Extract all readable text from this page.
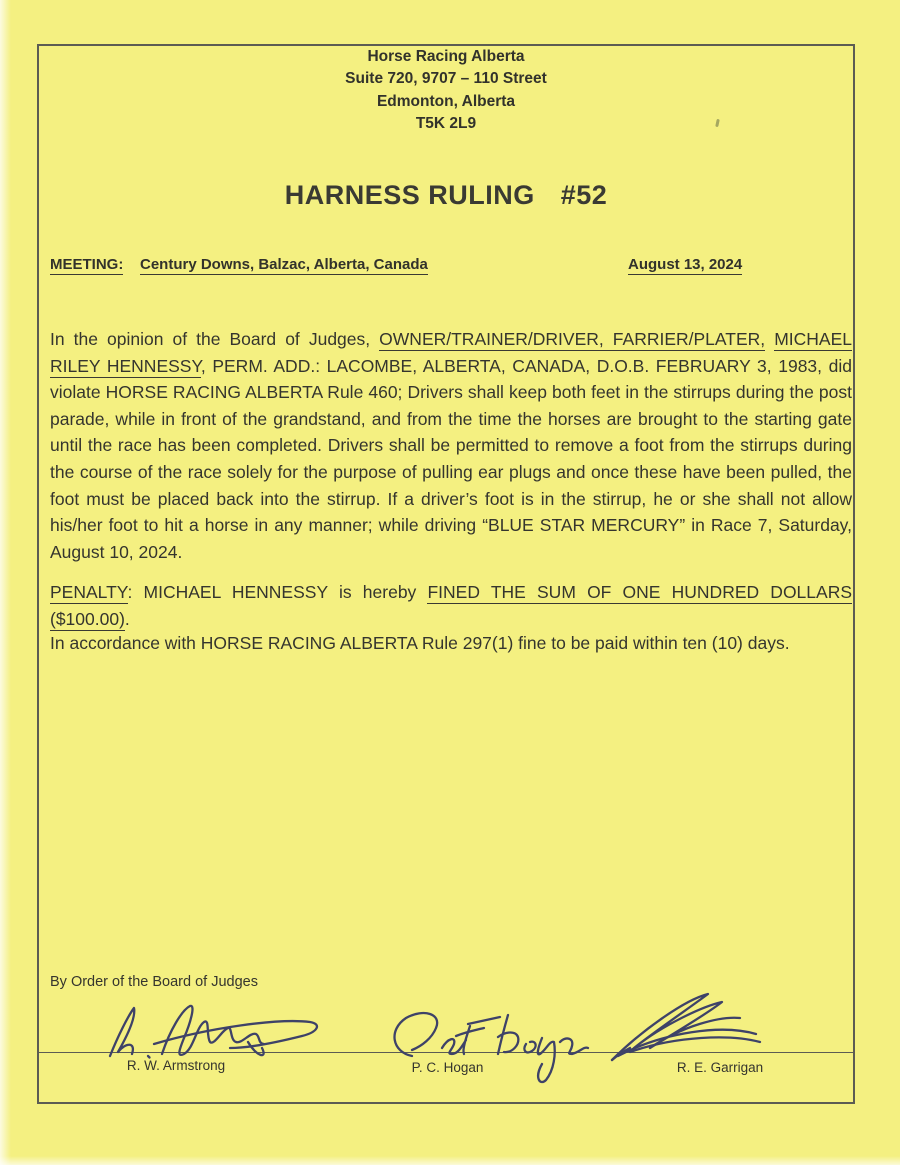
Horse Racing Alberta
Suite 720, 9707 – 110 Street
Edmonton, Alberta
T5K 2L9
HARNESS RULING #52
MEETING: Century Downs, Balzac, Alberta, Canada	August 13, 2024
In the opinion of the Board of Judges, OWNER/TRAINER/DRIVER, FARRIER/PLATER, MICHAEL RILEY HENNESSY, PERM. ADD.: LACOMBE, ALBERTA, CANADA, D.O.B. FEBRUARY 3, 1983, did violate HORSE RACING ALBERTA Rule 460; Drivers shall keep both feet in the stirrups during the post parade, while in front of the grandstand, and from the time the horses are brought to the starting gate until the race has been completed. Drivers shall be permitted to remove a foot from the stirrups during the course of the race solely for the purpose of pulling ear plugs and once these have been pulled, the foot must be placed back into the stirrup. If a driver’s foot is in the stirrup, he or she shall not allow his/her foot to hit a horse in any manner; while driving “BLUE STAR MERCURY” in Race 7, Saturday, August 10, 2024.
PENALTY: MICHAEL HENNESSY is hereby FINED THE SUM OF ONE HUNDRED DOLLARS ($100.00).
In accordance with HORSE RACING ALBERTA Rule 297(1) fine to be paid within ten (10) days.
By Order of the Board of Judges
R. W. Armstrong	P. C. Hogan	R. E. Garrigan
